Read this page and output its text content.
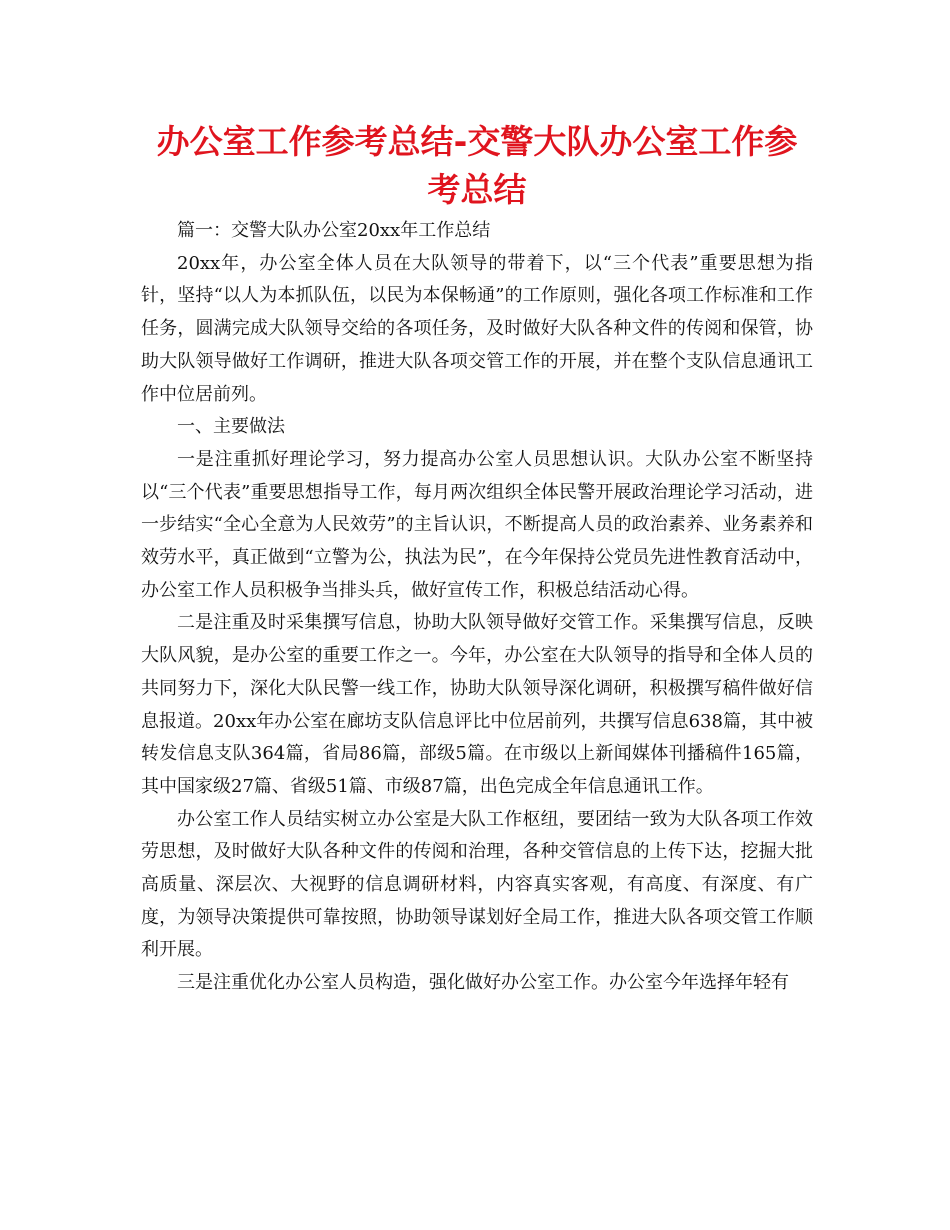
办公室工作参考总结-交警大队办公室工作参考总结

篇一：交警大队办公室20xx年工作总结

20xx年，办公室全体人员在大队领导的带着下，以“三个代表”重要思想为指针，坚持“以人为本抓队伍，以民为本保畅通”的工作原则，强化各项工作标准和工作任务，圆满完成大队领导交给的各项任务，及时做好大队各种文件的传阅和保管，协助大队领导做好工作调研，推进大队各项交管工作的开展，并在整个支队信息通讯工作中位居前列。

一、主要做法

一是注重抓好理论学习，努力提高办公室人员思想认识。大队办公室不断坚持以“三个代表”重要思想指导工作，每月两次组织全体民警开展政治理论学习活动，进一步结实“全心全意为人民效劳”的主旨认识，不断提高人员的政治素养、业务素养和效劳水平，真正做到“立警为公，执法为民”，在今年保持公党员先进性教育活动中，办公室工作人员积极争当排头兵，做好宣传工作，积极总结活动心得。

二是注重及时采集撰写信息，协助大队领导做好交管工作。采集撰写信息，反映大队风貌，是办公室的重要工作之一。今年，办公室在大队领导的指导和全体人员的共同努力下，深化大队民警一线工作，协助大队领导深化调研，积极撰写稿件做好信息报道。20xx年办公室在廊坊支队信息评比中位居前列，共撰写信息638篇，其中被转发信息支队364篇，省局86篇，部级5篇。在市级以上新闻媒体刊播稿件165篇，其中国家级27篇、省级51篇、市级87篇，出色完成全年信息通讯工作。

办公室工作人员结实树立办公室是大队工作枢纽，要团结一致为大队各项工作效劳思想，及时做好大队各种文件的传阅和治理，各种交管信息的上传下达，挖掘大批高质量、深层次、大视野的信息调研材料，内容真实客观，有高度、有深度、有广度，为领导决策提供可靠按照，协助领导谋划好全局工作，推进大队各项交管工作顺利开展。

三是注重优化办公室人员构造，强化做好办公室工作。办公室今年选择年轻有
